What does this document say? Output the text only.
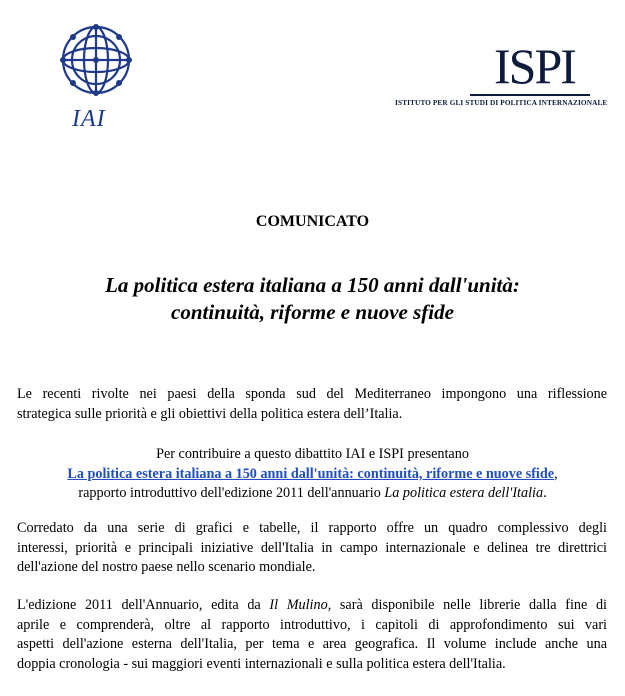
IAI
ISPI
ISTITUTO PER GLI STUDI DI POLITICA INTERNAZIONALE
COMUNICATO
La politica estera italiana a 150 anni dall'unità:
continuità, riforme e nuove sfide
Le recenti rivolte nei paesi della sponda sud del Mediterraneo impongono una riflessione
strategica sulle priorità e gli obiettivi della politica estera dell’Italia.
Per contribuire a questo dibattito IAI e ISPI presentano
La politica estera italiana a 150 anni dall'unità: continuità, riforme e nuove sfide,
rapporto introduttivo dell'edizione 2011 dell'annuario La politica estera dell'Italia.
Corredato da una serie di grafici e tabelle, il rapporto offre un quadro complessivo degli
interessi, priorità e principali iniziative dell'Italia in campo internazionale e delinea tre direttrici
dell'azione del nostro paese nello scenario mondiale.
L'edizione 2011 dell'Annuario, edita da Il Mulino, sarà disponibile nelle librerie dalla fine di
aprile e comprenderà, oltre al rapporto introduttivo, i capitoli di approfondimento sui vari
aspetti dell'azione esterna dell'Italia, per tema e area geografica. Il volume include anche una
doppia cronologia - sui maggiori eventi internazionali e sulla politica estera dell'Italia.
